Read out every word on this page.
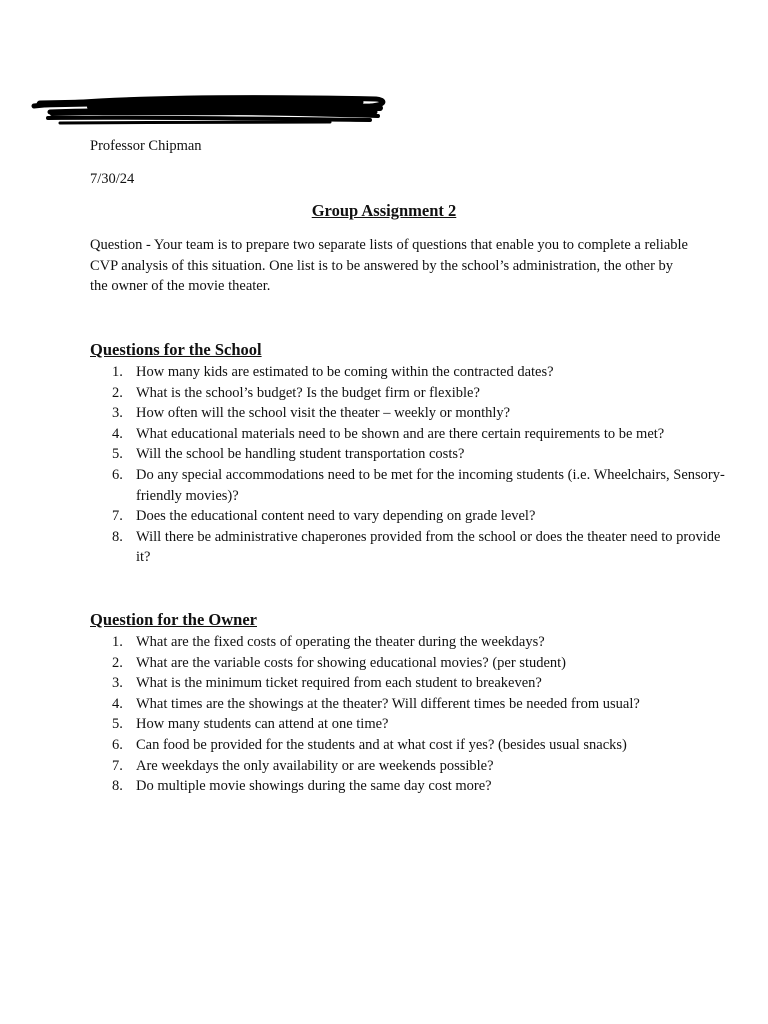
Professor Chipman
7/30/24
Group Assignment 2
Question - Your team is to prepare two separate lists of questions that enable you to complete a reliable CVP analysis of this situation. One list is to be answered by the school’s administration, the other by the owner of the movie theater.
Questions for the School
How many kids are estimated to be coming within the contracted dates?
What is the school’s budget? Is the budget firm or flexible?
How often will the school visit the theater – weekly or monthly?
What educational materials need to be shown and are there certain requirements to be met?
Will the school be handling student transportation costs?
Do any special accommodations need to be met for the incoming students (i.e. Wheelchairs, Sensory-friendly movies)?
Does the educational content need to vary depending on grade level?
Will there be administrative chaperones provided from the school or does the theater need to provide it?
Question for the Owner
What are the fixed costs of operating the theater during the weekdays?
What are the variable costs for showing educational movies? (per student)
What is the minimum ticket required from each student to breakeven?
What times are the showings at the theater? Will different times be needed from usual?
How many students can attend at one time?
Can food be provided for the students and at what cost if yes? (besides usual snacks)
Are weekdays the only availability or are weekends possible?
Do multiple movie showings during the same day cost more?
